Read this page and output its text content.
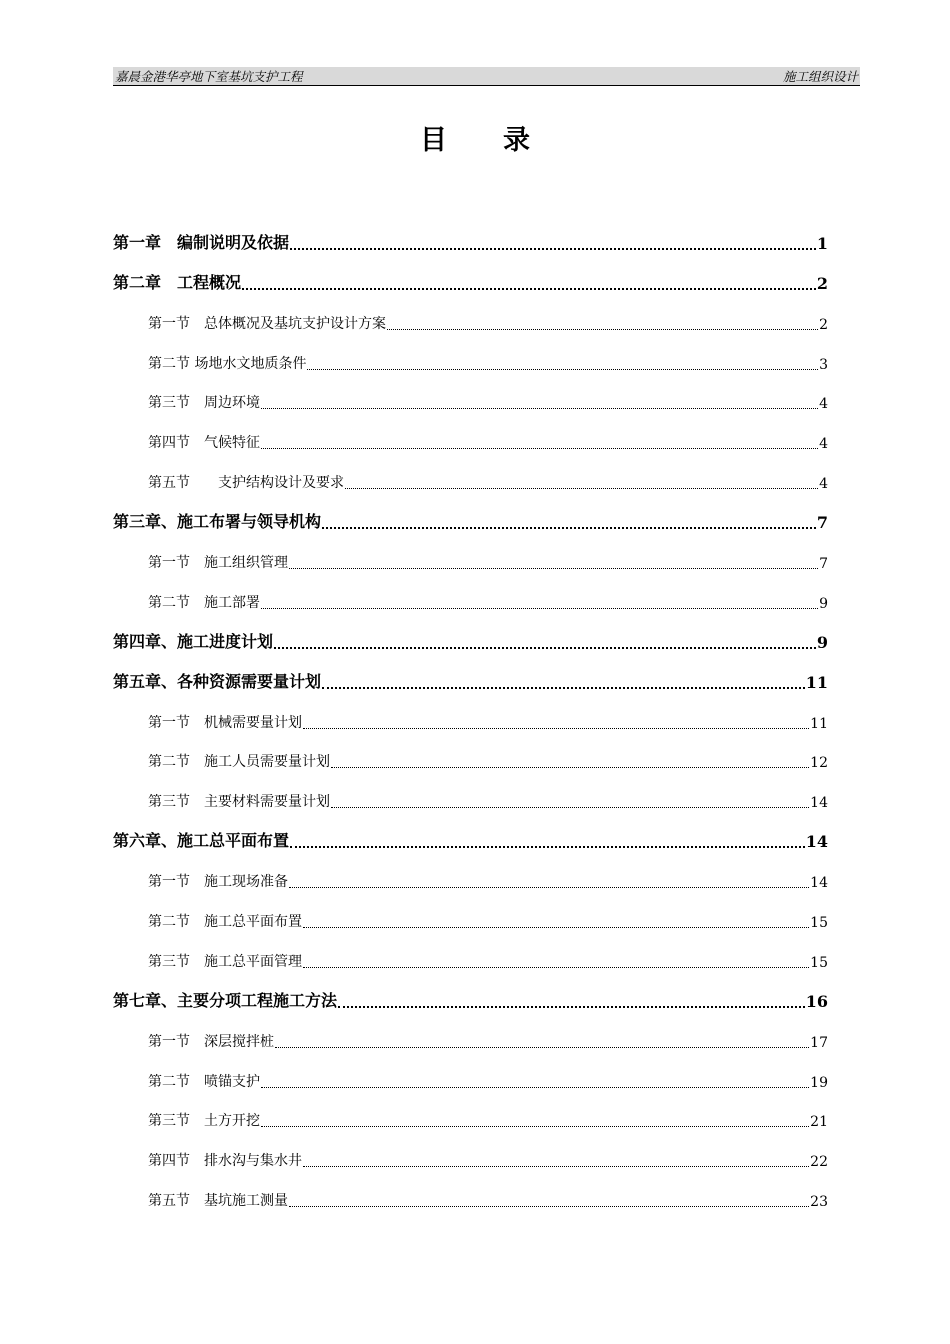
嘉晨金港华亭地下室基坑支护工程	施工组织设计
目录
第一章　编制说明及依据	1
第二章　工程概况	2
第一节　总体概况及基坑支护设计方案	2
第二节 场地水文地质条件	3
第三节　周边环境	4
第四节　气候特征	4
第五节　　支护结构设计及要求	4
第三章、施工布署与领导机构	7
第一节　施工组织管理	7
第二节　施工部署	9
第四章、施工进度计划	9
第五章、各种资源需要量计划	11
第一节　机械需要量计划	11
第二节　施工人员需要量计划	12
第三节　主要材料需要量计划	14
第六章、施工总平面布置	14
第一节　施工现场准备	14
第二节　施工总平面布置	15
第三节　施工总平面管理	15
第七章、主要分项工程施工方法	16
第一节　深层搅拌桩	17
第二节　喷锚支护	19
第三节　土方开挖	21
第四节　排水沟与集水井	22
第五节　基坑施工测量	23
